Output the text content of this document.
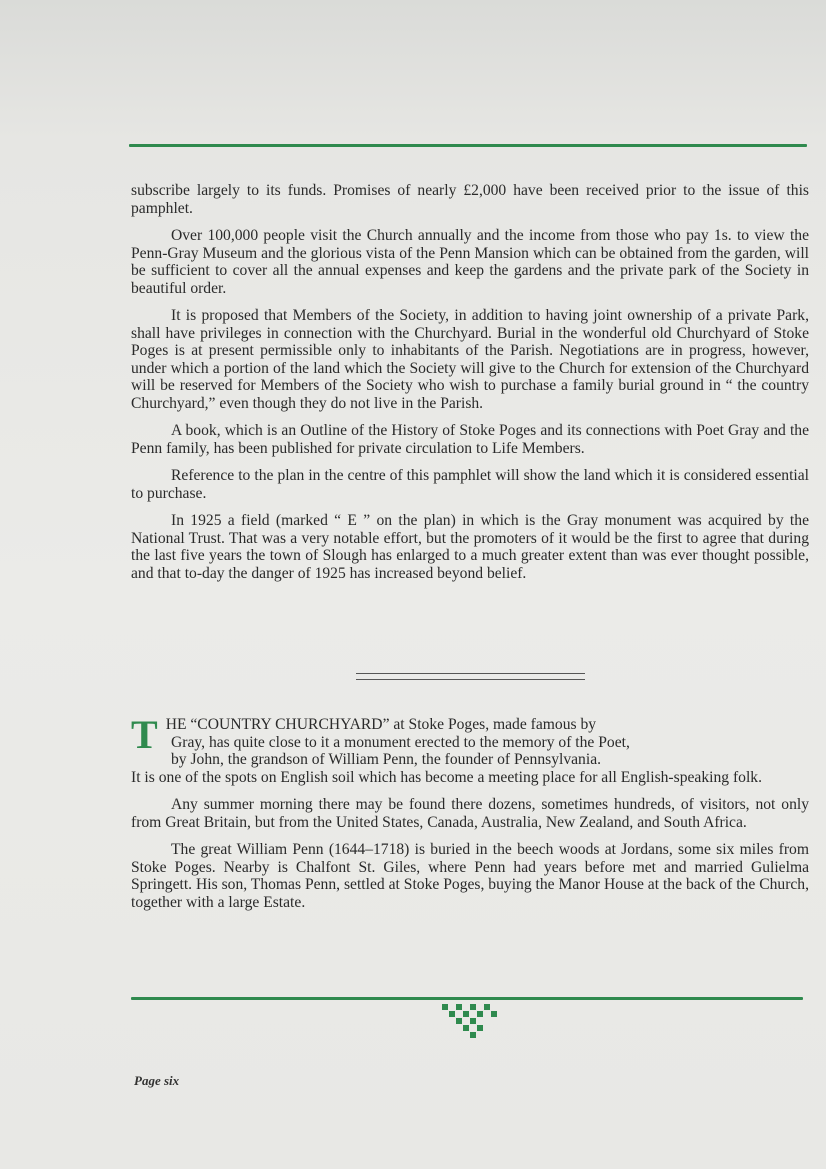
subscribe largely to its funds. Promises of nearly £2,000 have been received prior to the issue of this pamphlet.

Over 100,000 people visit the Church annually and the income from those who pay 1s. to view the Penn-Gray Museum and the glorious vista of the Penn Mansion which can be obtained from the garden, will be sufficient to cover all the annual expenses and keep the gardens and the private park of the Society in beautiful order.

It is proposed that Members of the Society, in addition to having joint ownership of a private Park, shall have privileges in connection with the Churchyard. Burial in the wonderful old Churchyard of Stoke Poges is at present permissible only to inhabitants of the Parish. Negotiations are in progress, however, under which a portion of the land which the Society will give to the Church for extension of the Churchyard will be reserved for Members of the Society who wish to purchase a family burial ground in “ the country Churchyard,” even though they do not live in the Parish.

A book, which is an Outline of the History of Stoke Poges and its connections with Poet Gray and the Penn family, has been published for private circulation to Life Members.

Reference to the plan in the centre of this pamphlet will show the land which it is considered essential to purchase.

In 1925 a field (marked “ E ” on the plan) in which is the Gray monument was acquired by the National Trust. That was a very notable effort, but the promoters of it would be the first to agree that during the last five years the town of Slough has enlarged to a much greater extent than was ever thought possible, and that to-day the danger of 1925 has increased beyond belief.

T HE “COUNTRY CHURCHYARD” at Stoke Poges, made famous by
Gray, has quite close to it a monument erected to the memory of the Poet,
by John, the grandson of William Penn, the founder of Pennsylvania.
It is one of the spots on English soil which has become a meeting place for all English-speaking folk.

Any summer morning there may be found there dozens, sometimes hundreds, of visitors, not only from Great Britain, but from the United States, Canada, Australia, New Zealand, and South Africa.

The great William Penn (1644–1718) is buried in the beech woods at Jordans, some six miles from Stoke Poges. Nearby is Chalfont St. Giles, where Penn had years before met and married Gulielma Springett. His son, Thomas Penn, settled at Stoke Poges, buying the Manor House at the back of the Church, together with a large Estate.

Page six
